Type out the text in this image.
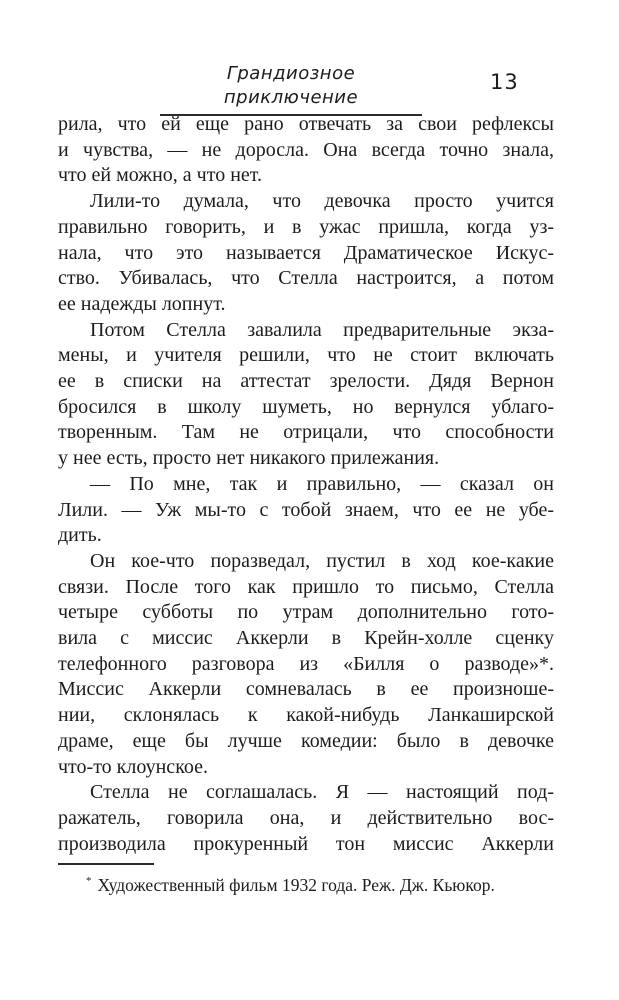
Грандиозное приключение
13

рила, что ей еще рано отвечать за свои рефлексы
и чувства, — не доросла. Она всегда точно знала,
что ей можно, а что нет.

Лили-то думала, что девочка просто учится
правильно говорить, и в ужас пришла, когда уз-
нала, что это называется Драматическое Искус-
ство. Убивалась, что Стелла настроится, а потом
ее надежды лопнут.

Потом Стелла завалила предварительные экза-
мены, и учителя решили, что не стоит включать
ее в списки на аттестат зрелости. Дядя Вернон
бросился в школу шуметь, но вернулся ублаго-
творенным. Там не отрицали, что способности
у нее есть, просто нет никакого прилежания.

— По мне, так и правильно, — сказал он
Лили. — Уж мы-то с тобой знаем, что ее не убе-
дить.

Он кое-что поразведал, пустил в ход кое-какие
связи. После того как пришло то письмо, Стелла
четыре субботы по утрам дополнительно гото-
вила с миссис Аккерли в Крейн-холле сценку
телефонного разговора из «Билля о разводе»*.
Миссис Аккерли сомневалась в ее произноше-
нии, склонялась к какой-нибудь Ланкаширской
драме, еще бы лучше комедии: было в девочке
что-то клоунское.

Стелла не соглашалась. Я — настоящий под-
ражатель, говорила она, и действительно вос-
производила прокуренный тон миссис Аккерли

* Художественный фильм 1932 года. Реж. Дж. Кьюкор.
